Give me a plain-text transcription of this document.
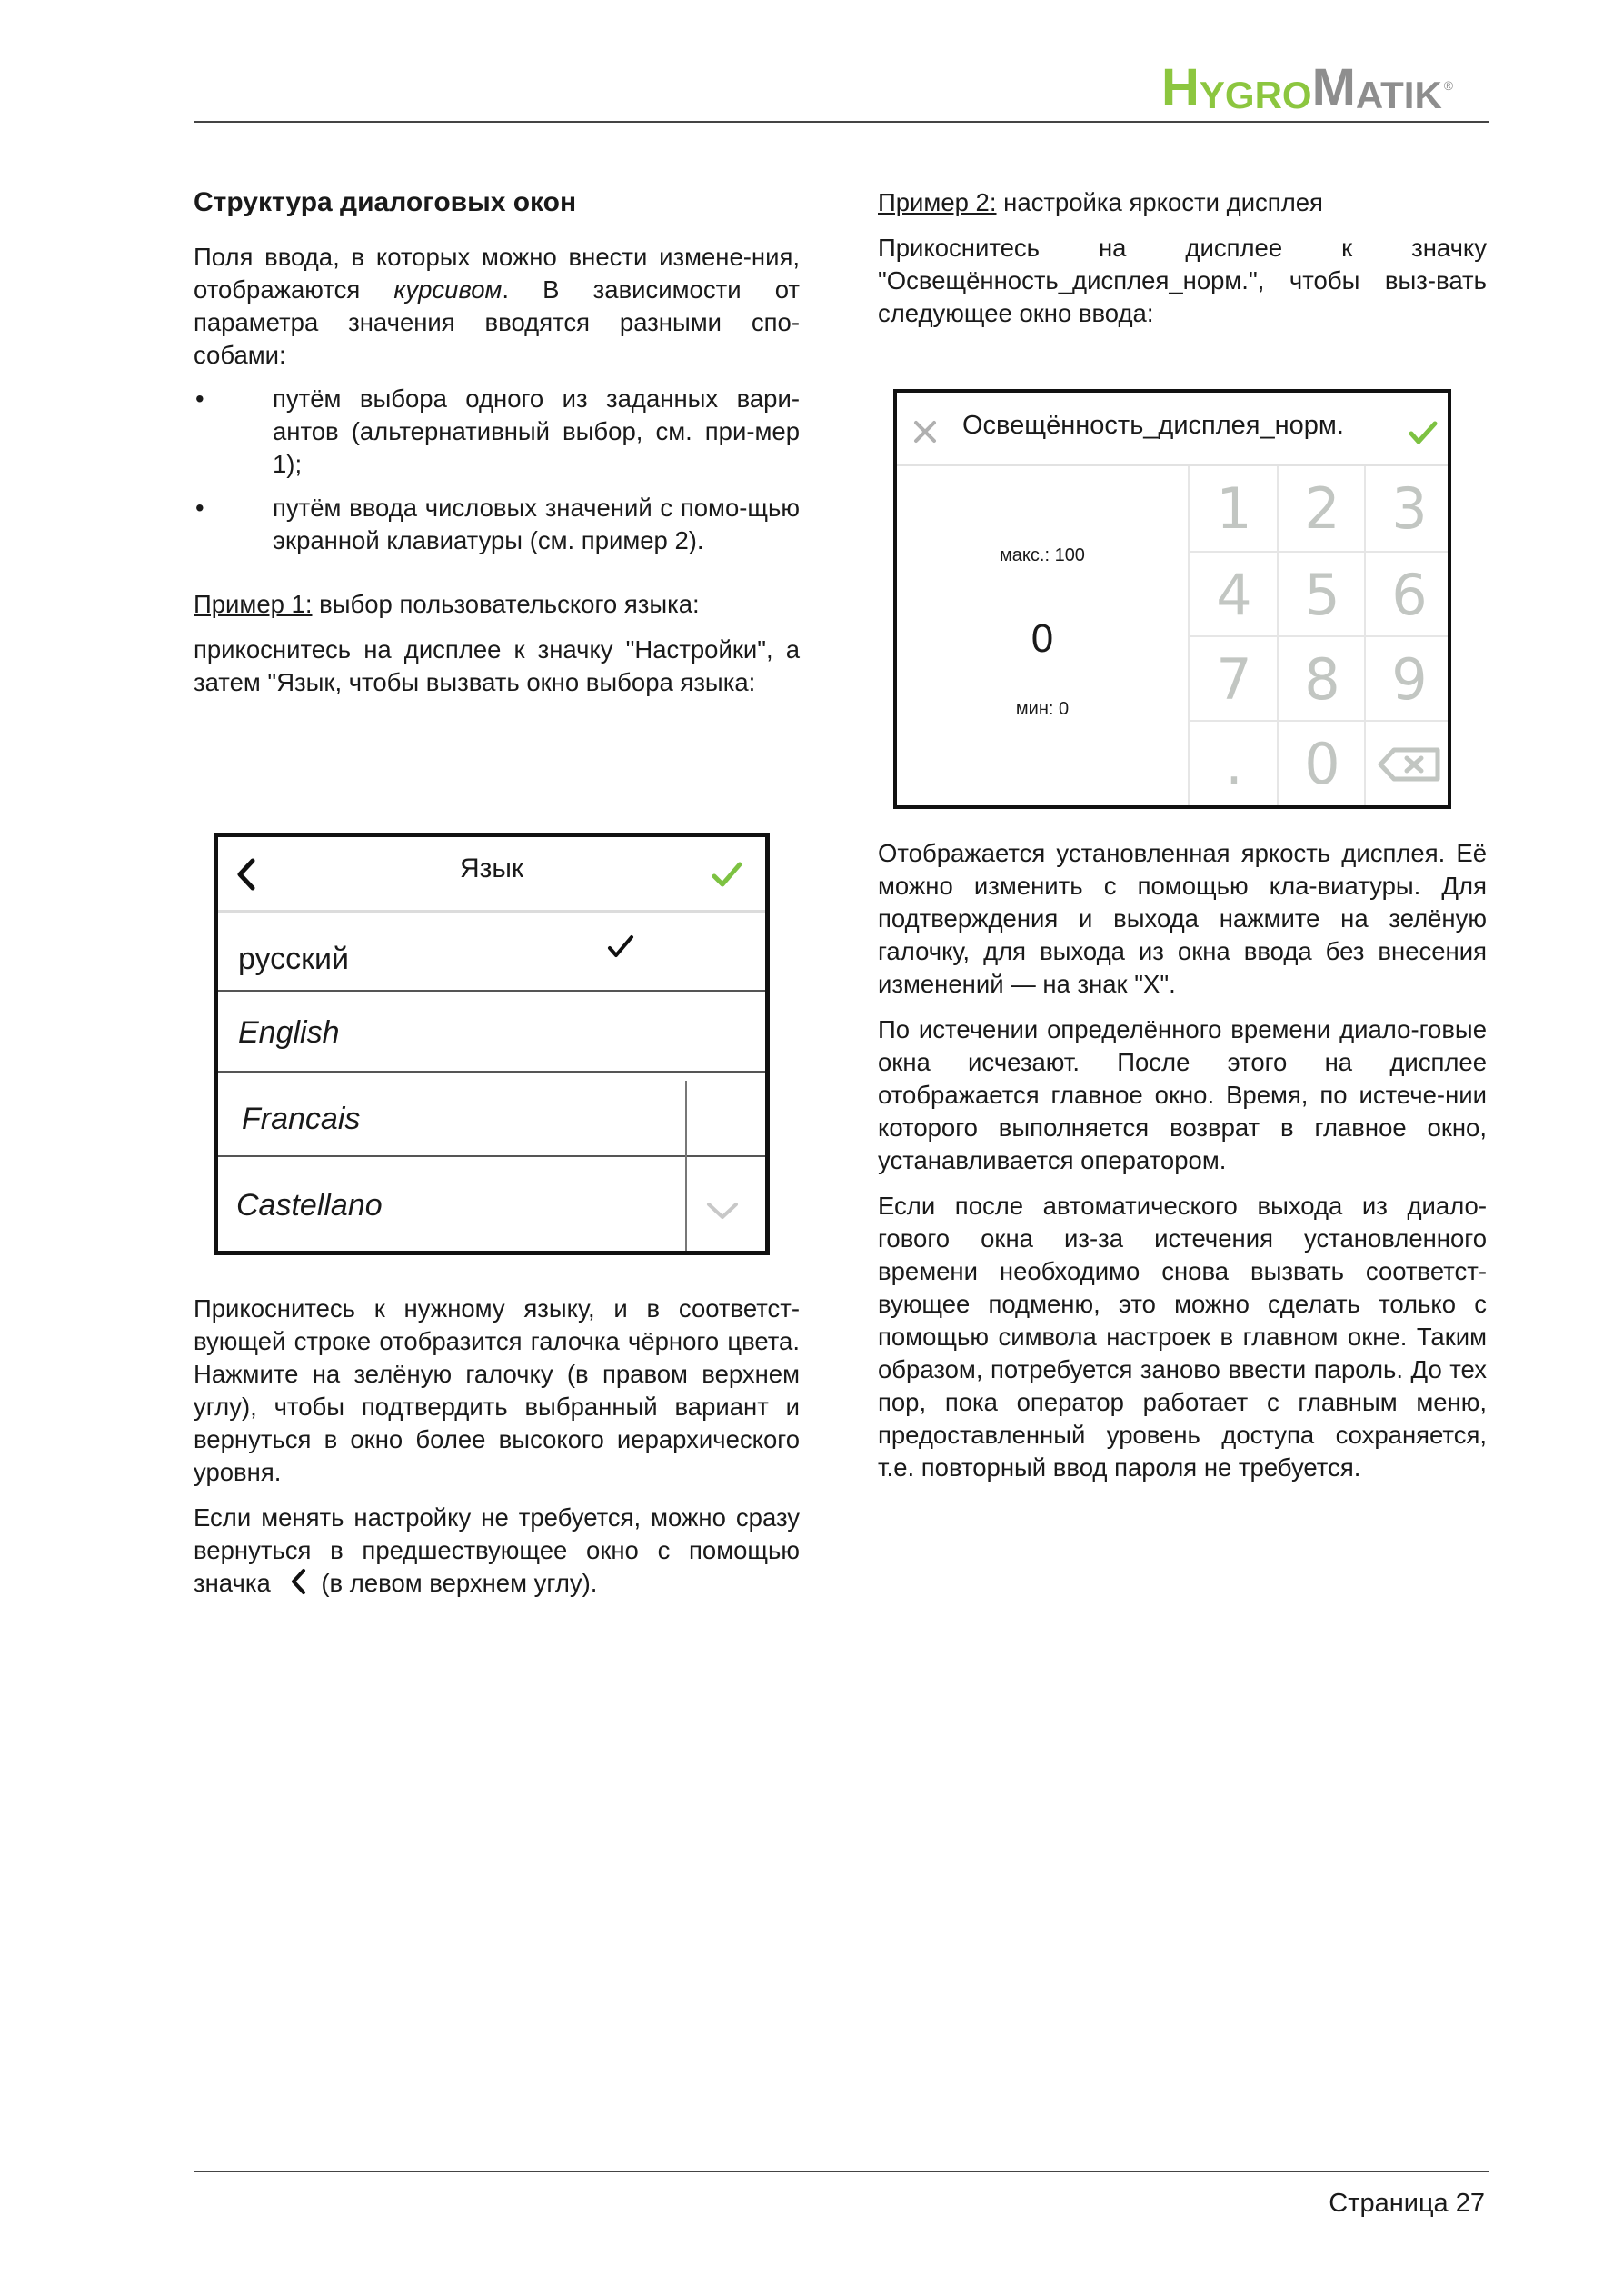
H YGRO M ATIK ®

Структура диалоговых окон

Поля ввода, в которых можно внести измене-ния, отображаются курсивом. В зависимости от параметра значения вводятся разными спо-собами:

•	путём выбора одного из заданных вари-антов (альтернативный выбор, см. при-мер 1);

•	путём ввода числовых значений с помо-щью экранной клавиатуры (см. пример 2).

Пример 1: выбор пользовательского языка:

прикоснитесь на дисплее к значку "Настройки", а затем "Язык, чтобы вызвать окно выбора языка:

Язык
русский
English
Francais
Castellano

Прикоснитесь к нужному языку, и в соответст-вующей строке отобразится галочка чёрного цвета. Нажмите на зелёную галочку (в правом верхнем углу), чтобы подтвердить выбранный вариант и вернуться в окно более высокого иерархического уровня.

Если менять настройку не требуется, можно сразу вернуться в предшествующее окно с помощью значка (в левом верхнем углу).

Пример 2: настройка яркости дисплея

Прикоснитесь на дисплее к значку "Освещённость_дисплея_норм.", чтобы выз-вать следующее окно ввода:

Освещённость_дисплея_норм.
макс.: 100
0
мин: 0
1 2 3
4 5 6
7 8 9
.	0

Отображается установленная яркость дисплея. Её можно изменить с помощью кла-виатуры. Для подтверждения и выхода нажмите на зелёную галочку, для выхода из окна ввода без внесения изменений — на знак "X".

По истечении определённого времени диало-говые окна исчезают. После этого на дисплее отображается главное окно. Время, по истече-нии которого выполняется возврат в главное окно, устанавливается оператором.

Если после автоматического выхода из диало-гового окна из-за истечения установленного времени необходимо снова вызвать соответст-вующее подменю, это можно сделать только с помощью символа настроек в главном окне. Таким образом, потребуется заново ввести пароль. До тех пор, пока оператор работает с главным меню, предоставленный уровень доступа сохраняется, т.е. повторный ввод пароля не требуется.

Страница 27
